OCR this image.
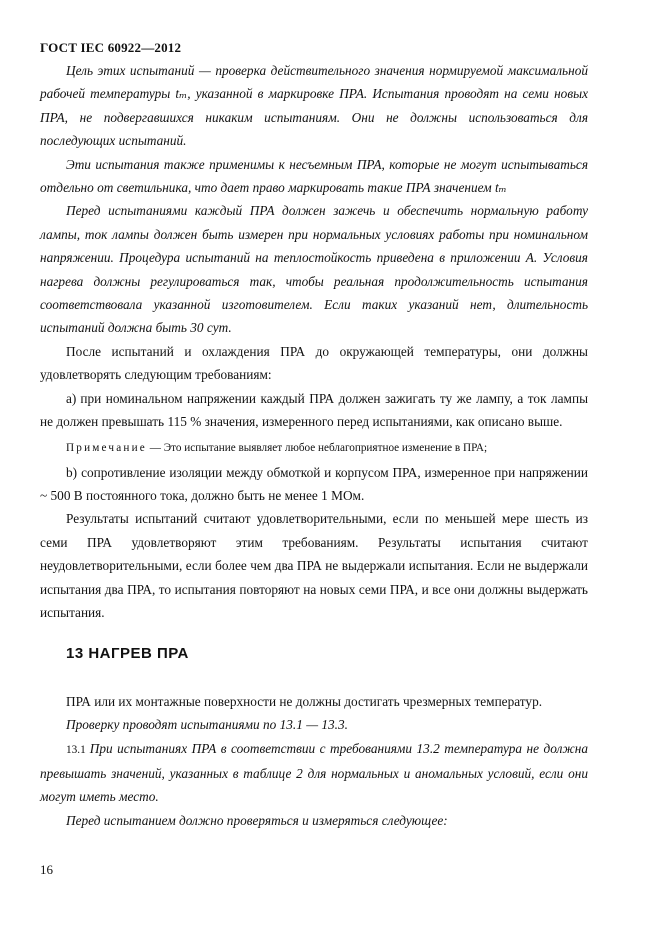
ГОСТ IEC 60922—2012

Цель этих испытаний — проверка действительного значения нормируемой максимальной рабочей температуры tₘ, указанной в маркировке ПРА. Испытания проводят на семи новых ПРА, не подвергавшихся никаким испытаниям. Они не должны использоваться для последующих испытаний.

Эти испытания также применимы к несъемным ПРА, которые не могут испытываться отдельно от светильника, что дает право маркировать такие ПРА значением tₘ

Перед испытаниями каждый ПРА должен зажечь и обеспечить нормальную работу лампы, ток лампы должен быть измерен при нормальных условиях работы при номинальном напряжении. Процедура испытаний на теплостойкость приведена в приложении А. Условия нагрева должны регулироваться так, чтобы реальная продолжительность испытания соответствовала указанной изготовителем. Если таких указаний нет, длительность испытаний должна быть 30 сут.

После испытаний и охлаждения ПРА до окружающей температуры, они должны удовлетворять следующим требованиям:

a) при номинальном напряжении каждый ПРА должен зажигать ту же лампу, а ток лампы не должен превышать 115 % значения, измеренного перед испытаниями, как описано выше.

Примечание — Это испытание выявляет любое неблагоприятное изменение в ПРА;

b) сопротивление изоляции между обмоткой и корпусом ПРА, измеренное при напряжении ~ 500 В постоянного тока, должно быть не менее 1 МОм.

Результаты испытаний считают удовлетворительными, если по меньшей мере шесть из семи ПРА удовлетворяют этим требованиям. Результаты испытания считают неудовлетворительными, если более чем два ПРА не выдержали испытания. Если не выдержали испытания два ПРА, то испытания повторяют на новых семи ПРА, и все они должны выдержать испытания.

13 НАГРЕВ ПРА

ПРА или их монтажные поверхности не должны достигать чрезмерных температур.

Проверку проводят испытаниями по 13.1 — 13.3.

13.1 При испытаниях ПРА в соответствии с требованиями 13.2 температура не должна превышать значений, указанных в таблице 2 для нормальных и аномальных условий, если они могут иметь место.

Перед испытанием должно проверяться и измеряться следующее:

16
